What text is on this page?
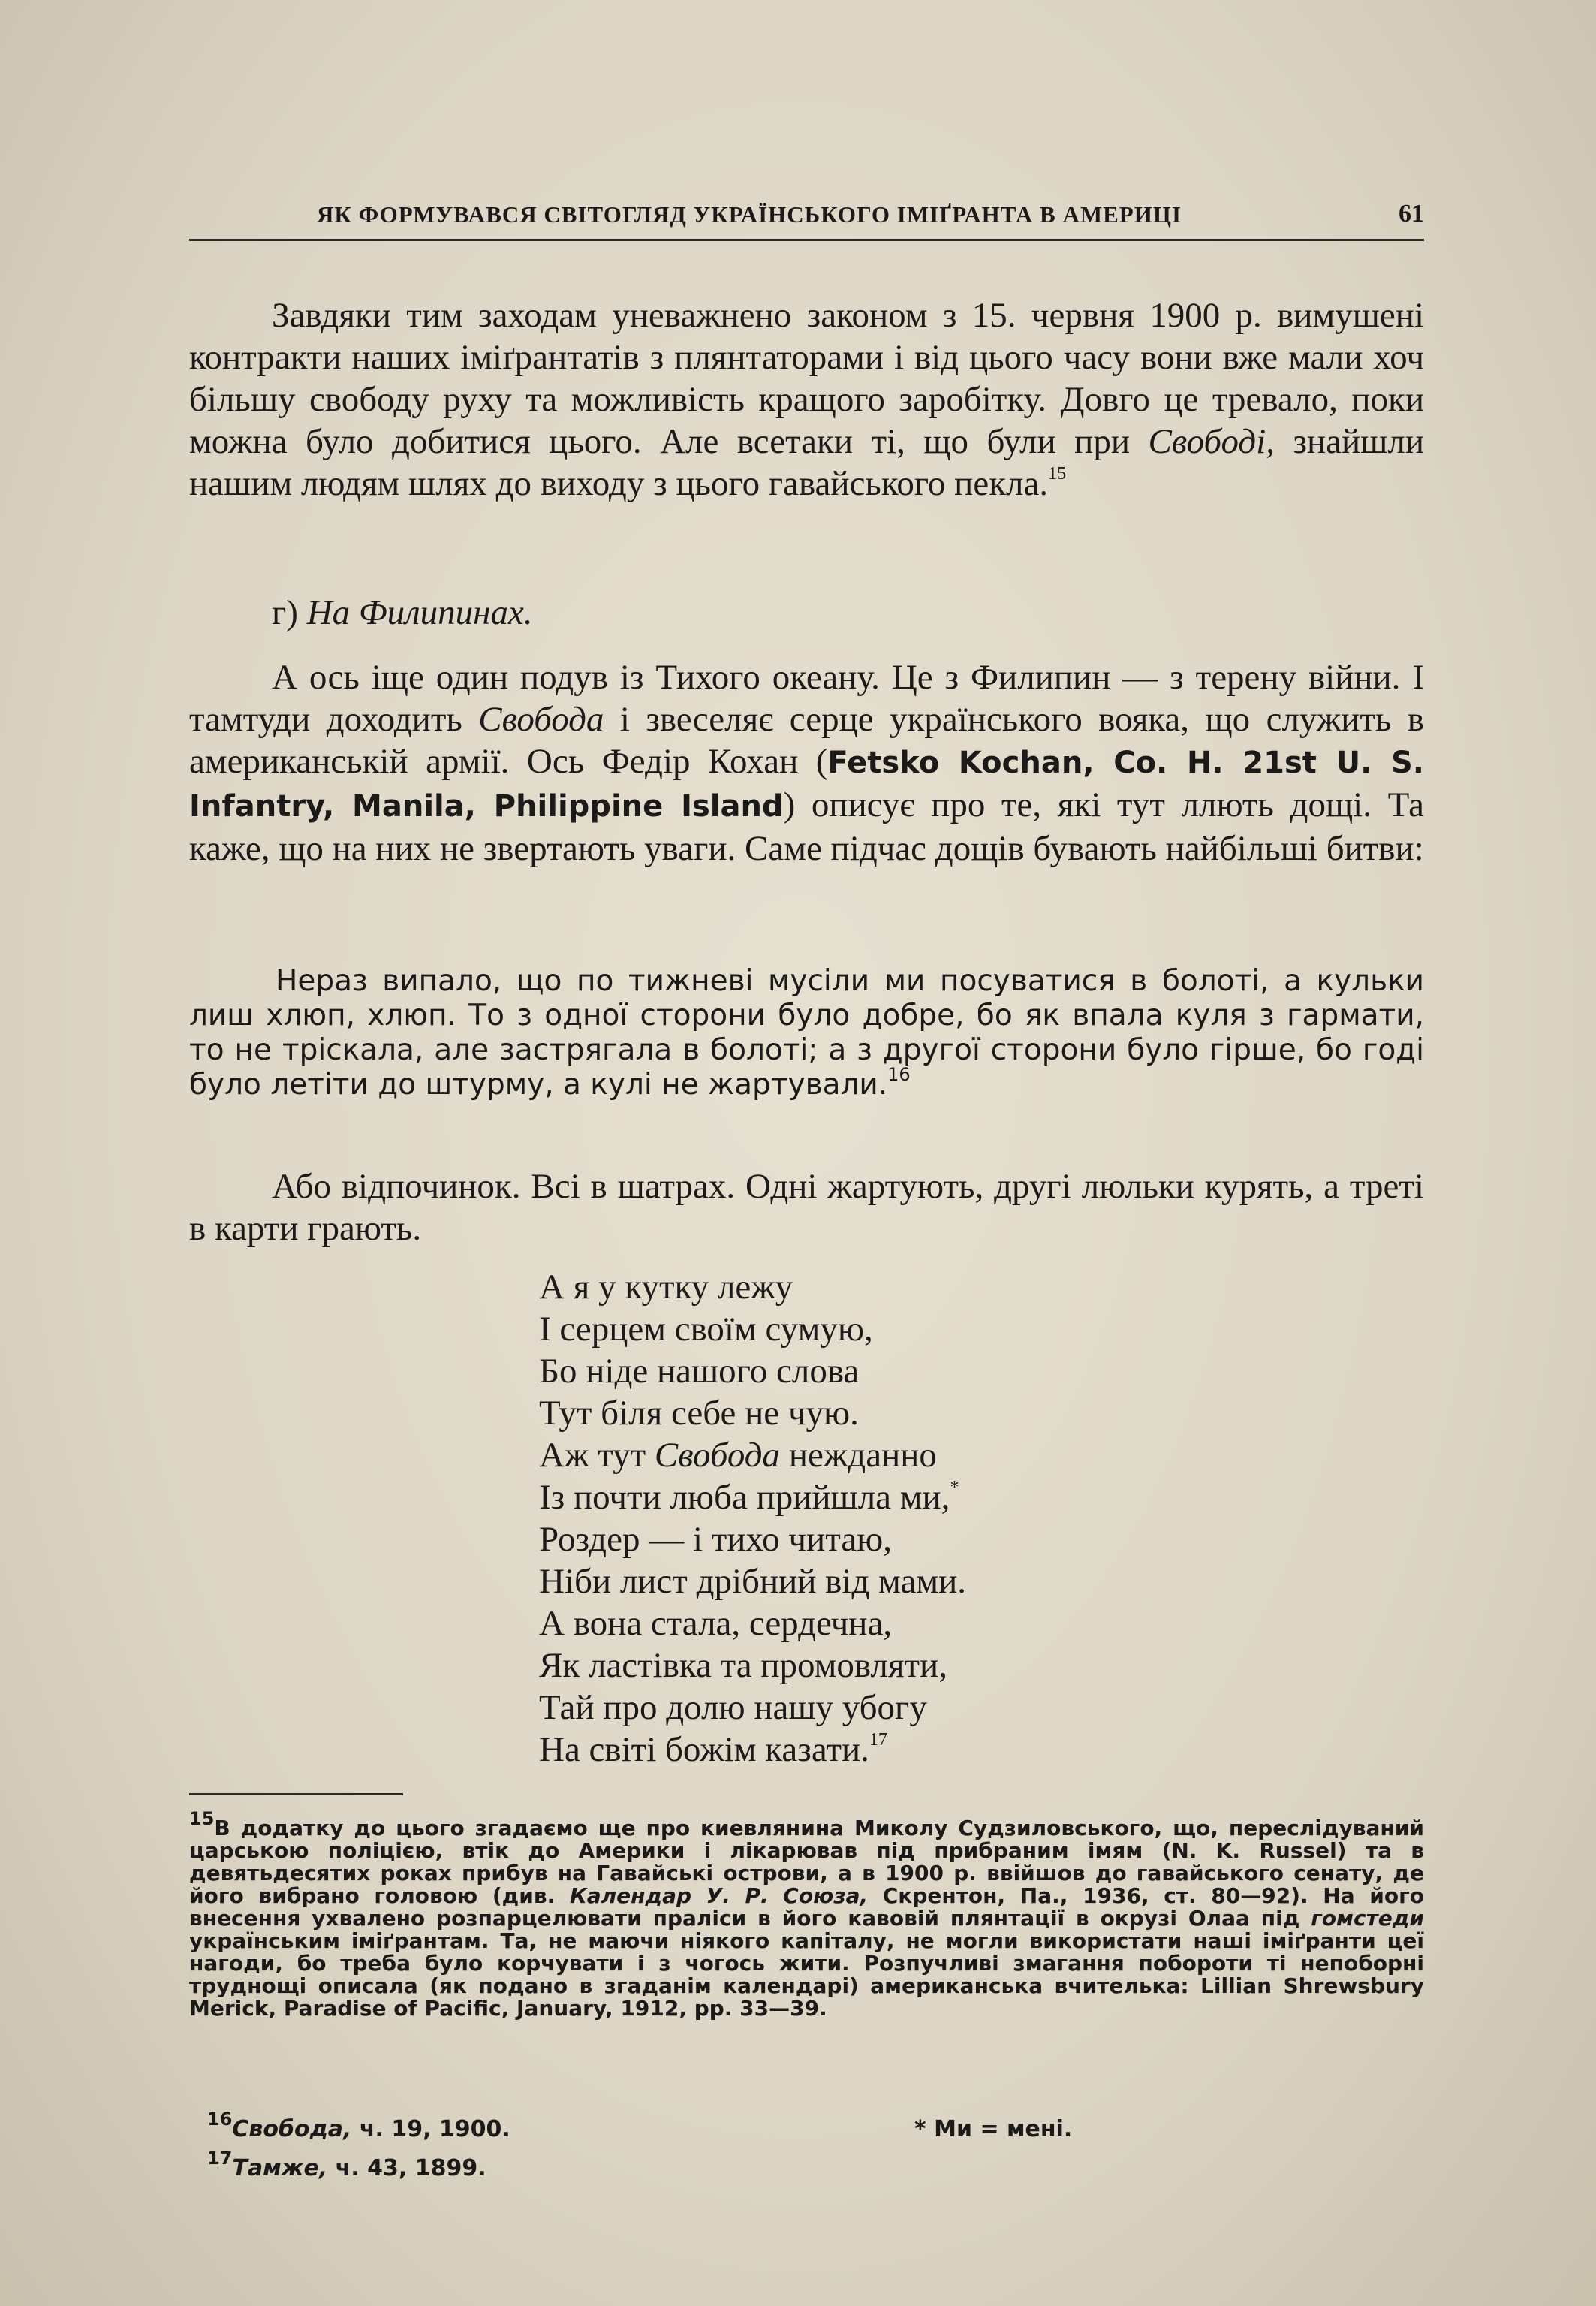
ЯК ФОРМУВАВСЯ СВІТОГЛЯД УКРАЇНСЬКОГО ІМІҐРАНТА В АМЕРИЦІ	61
Завдяки тим заходам уневажнено законом з 15. червня 1900 р. вимушені контракти наших іміґрантатів з плянтаторами і від цього часу вони вже мали хоч більшу свободу руху та можливість кращого заробітку. Довго це тревало, поки можна було добитися цього. Але всетаки ті, що були при Свободі, знайшли нашим людям шлях до виходу з цього гавайського пекла.$^{15}$
г) На Филипинах.
А ось іще один подув із Тихого океану. Це з Филипин — з терену війни. І тамтуди доходить Свобода і звеселяє серце українського вояка, що служить в американській армії. Ось Федір Кохан (Fetsko Kochan, Co. H. 21st U. S. Infantry, Manila, Philippine Island) описує про те, які тут ллють дощі. Та каже, що на них не звертають уваги. Саме підчас дощів бувають найбільші битви:
Нераз випало, що по тижневі мусіли ми посуватися в болоті, а кульки лиш хлюп, хлюп. То з одної сторони було добре, бо як впала куля з гармати, то не тріскала, але застрягала в болоті; а з другої сторони було гірше, бо годі було летіти до штурму, а кулі не жартували.$^{16}$
Або відпочинок. Всі в шатрах. Одні жартують, другі люльки курять, а треті в карти грають.
А я у кутку лежу
І серцем своїм сумую,
Бо ніде нашого слова
Тут біля себе не чую.
Аж тут Свобода нежданно
Із почти люба прийшла ми,*
Роздер — і тихо читаю,
Ніби лист дрібний від мами.
А вона стала, сердечна,
Як ластівка та промовляти,
Тай про долю нашу убогу
На світі божім казати.$^{17}$
$^{15}$В додатку до цього згадаємо ще про киевлянина Миколу Судзиловського, що, переслідуваний царською поліцією, втік до Америки і лікарював під прибраним імям (N. K. Russel) та в девятьдесятих роках прибув на Гавайські острови, а в 1900 р. ввійшов до гавайського сенату, де його вибрано головою (див. Календар У. Р. Союза, Скрентон, Па., 1936, ст. 80—92). На його внесення ухвалено розпарцелювати праліси в його кавовій плянтації в окрузі Олаа під гомстеди українським іміґрантам. Та, не маючи ніякого капіталу, не могли використати наші іміґранти цеї нагоди, бо треба було корчувати і з чогось жити. Розпучливі змагання побороти ті непоборні труднощі описала (як подано в згаданім календарі) американська вчителька: Lillian Shrewsbury Merick, Paradise of Pacific, January, 1912, pp. 33—39.
$^{16}$Свобода, ч. 19, 1900.	* Ми = мені.
$^{17}$Тамже, ч. 43, 1899.
